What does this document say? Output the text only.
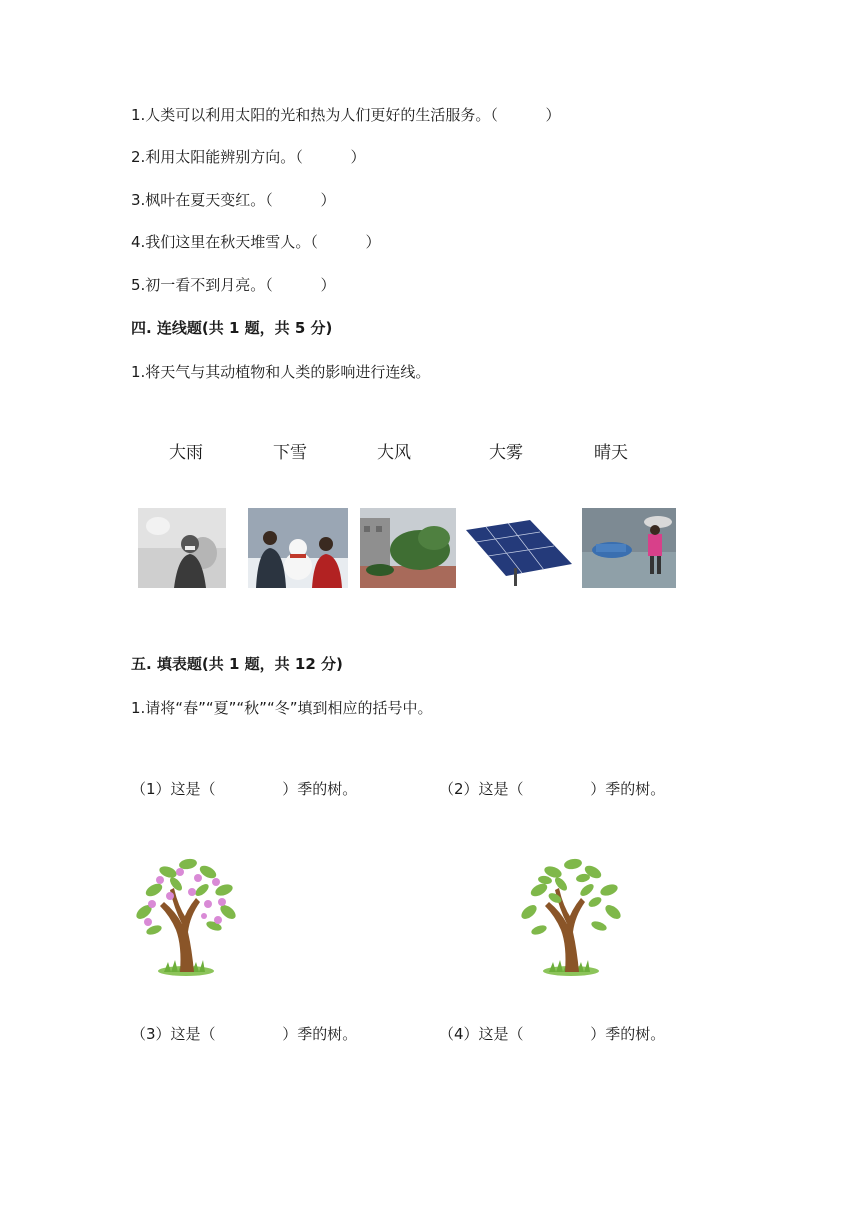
1.人类可以利用太阳的光和热为人们更好的生活服务。（          ）
2.利用太阳能辨别方向。（          ）
3.枫叶在夏天变红。（          ）
4.我们这里在秋天堆雪人。（          ）
5.初一看不到月亮。（          ）
四. 连线题(共 1 题，共 5 分)
1.将天气与其动植物和人类的影响进行连线。
大雨	下雪	大风	大雾	晴天
五. 填表题(共 1 题，共 12 分)
1.请将“春”“夏”“秋”“冬”填到相应的括号中。
（1）这是（              ）季的树。	（2）这是（              ）季的树。
（3）这是（              ）季的树。	（4）这是（              ）季的树。
